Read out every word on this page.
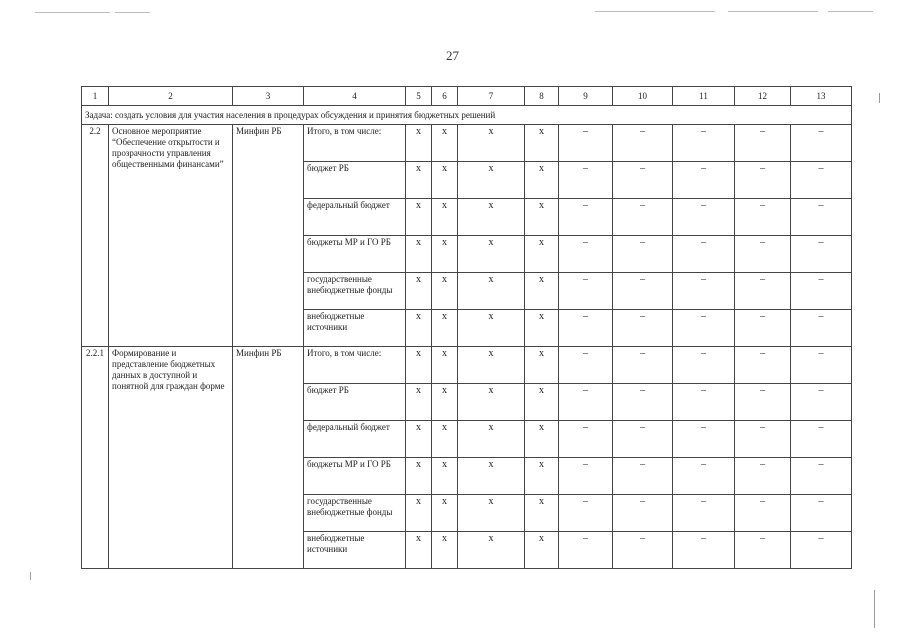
27
1	2	3	4	5	6	7	8	9	10	11	12	13
Задача: создать условия для участия населения в процедурах обсуждения и принятия бюджетных решений												
2.2	Основное мероприятие “Обеспечение открытости и прозрачности управления общественными финансами”	Минфин РБ	Итого, в том числе:	x	x	x	x	–	–	–	–	–
			бюджет РБ	x	x	x	x	–	–	–	–	–
			федеральный бюджет	x	x	x	x	–	–	–	–	–
			бюджеты МР и ГО РБ	x	x	x	x	–	–	–	–	–
			государственные внебюджетные фонды	x	x	x	x	–	–	–	–	–
			внебюджетные источники	x	x	x	x	–	–	–	–	–
2.2.1	Формирование и представление бюджетных данных в доступной и понятной для граждан форме	Минфин РБ	Итого, в том числе:	x	x	x	x	–	–	–	–	–
			бюджет РБ	x	x	x	x	–	–	–	–	–
			федеральный бюджет	x	x	x	x	–	–	–	–	–
			бюджеты МР и ГО РБ	x	x	x	x	–	–	–	–	–
			государственные внебюджетные фонды	x	x	x	x	–	–	–	–	–
			внебюджетные источники	x	x	x	x	–	–	–	–	–
